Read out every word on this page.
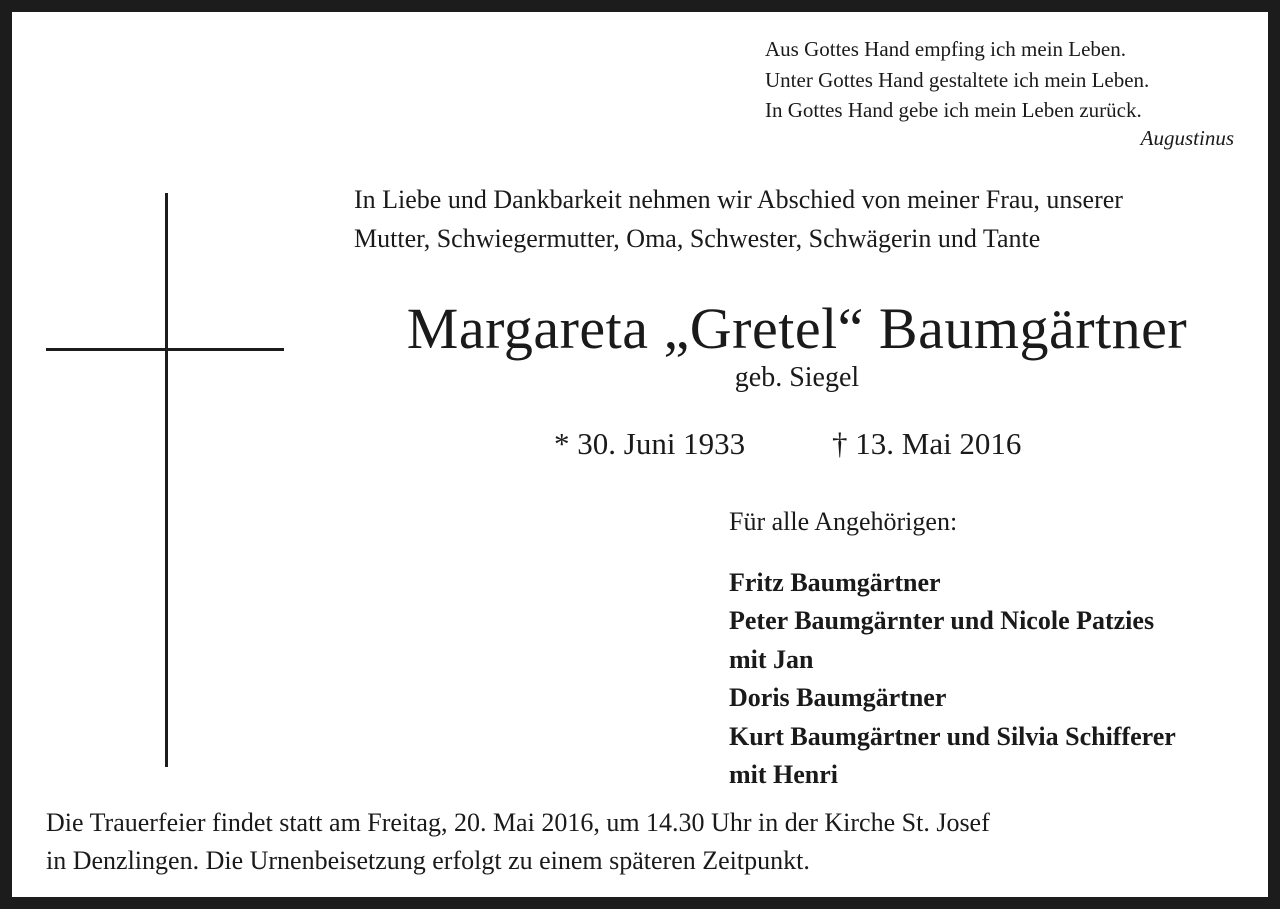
Aus Gottes Hand empfing ich mein Leben.
Unter Gottes Hand gestaltete ich mein Leben.
In Gottes Hand gebe ich mein Leben zurück.
Augustinus
In Liebe und Dankbarkeit nehmen wir Abschied von meiner Frau, unserer
Mutter, Schwiegermutter, Oma, Schwester, Schwägerin und Tante
Margareta „Gretel“ Baumgärtner
geb. Siegel
* 30. Juni 1933	† 13. Mai 2016
Für alle Angehörigen:
Fritz Baumgärtner
Peter Baumgärnter und Nicole Patzies
mit Jan
Doris Baumgärtner
Kurt Baumgärtner und Silvia Schifferer
mit Henri
Die Trauerfeier findet statt am Freitag, 20. Mai 2016, um 14.30 Uhr in der Kirche St. Josef
in Denzlingen. Die Urnenbeisetzung erfolgt zu einem späteren Zeitpunkt.
